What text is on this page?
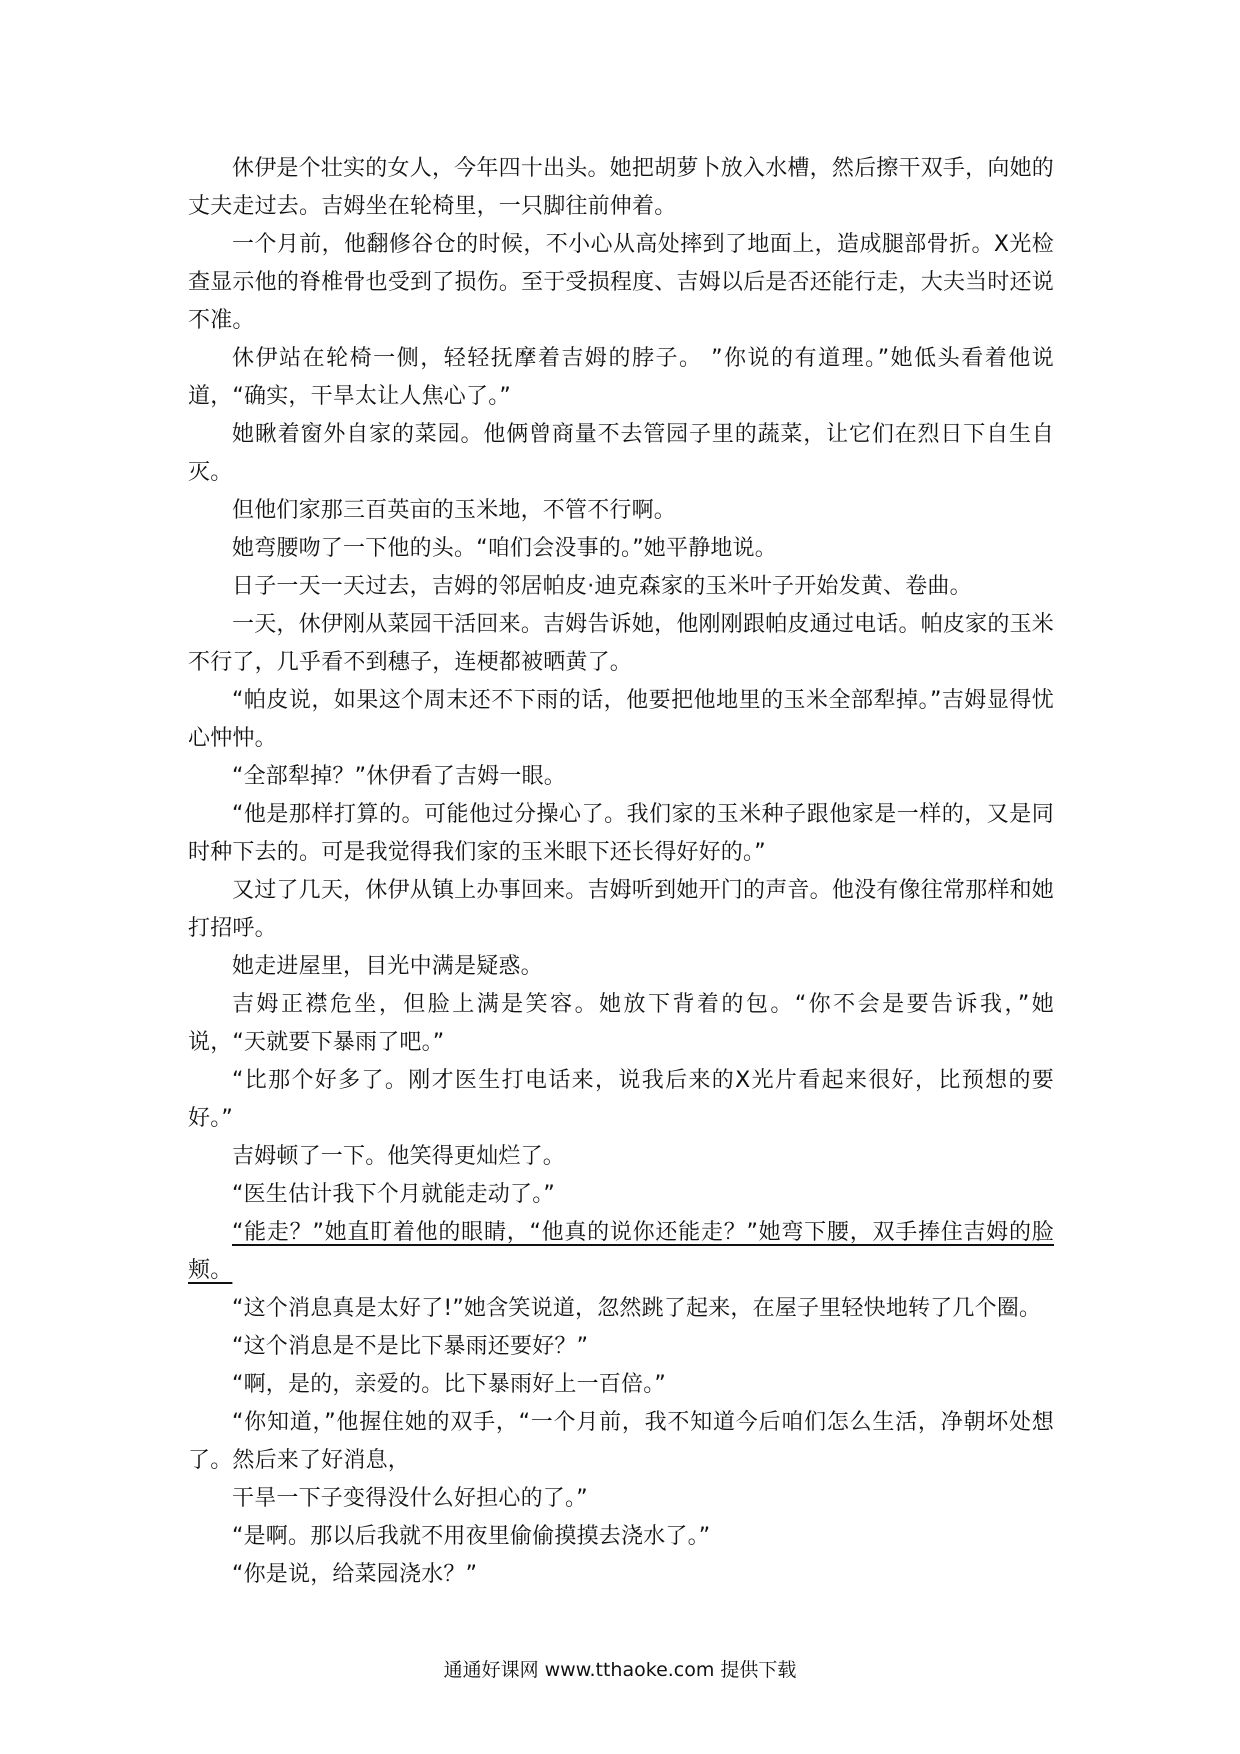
休伊是个壮实的女人，今年四十出头。她把胡萝卜放入水槽，然后擦干双手，向她的丈夫走过去。吉姆坐在轮椅里，一只脚往前伸着。

一个月前，他翻修谷仓的时候，不小心从高处摔到了地面上，造成腿部骨折。X光检查显示他的脊椎骨也受到了损伤。至于受损程度、吉姆以后是否还能行走，大夫当时还说不准。

休伊站在轮椅一侧，轻轻抚摩着吉姆的脖子。 ”你说的有道理。”她低头看着他说道，“确实，干旱太让人焦心了。”

她瞅着窗外自家的菜园。他俩曾商量不去管园子里的蔬菜，让它们在烈日下自生自灭。

但他们家那三百英亩的玉米地，不管不行啊。

她弯腰吻了一下他的头。“咱们会没事的。”她平静地说。

日子一天一天过去，吉姆的邻居帕皮·迪克森家的玉米叶子开始发黄、卷曲。

一天，休伊刚从菜园干活回来。吉姆告诉她，他刚刚跟帕皮通过电话。帕皮家的玉米不行了，几乎看不到穗子，连梗都被晒黄了。

“帕皮说，如果这个周末还不下雨的话，他要把他地里的玉米全部犁掉。”吉姆显得忧心忡忡。

“全部犁掉？”休伊看了吉姆一眼。

“他是那样打算的。可能他过分操心了。我们家的玉米种子跟他家是一样的，又是同时种下去的。可是我觉得我们家的玉米眼下还长得好好的。”

又过了几天，休伊从镇上办事回来。吉姆听到她开门的声音。他没有像往常那样和她打招呼。

她走进屋里，目光中满是疑惑。

吉姆正襟危坐，但脸上满是笑容。她放下背着的包。“你不会是要告诉我，”她说，“天就要下暴雨了吧。”

“比那个好多了。刚才医生打电话来，说我后来的X光片看起来很好，比预想的要好。”

吉姆顿了一下。他笑得更灿烂了。

“医生估计我下个月就能走动了。”

“能走？”她直盯着他的眼睛，“他真的说你还能走？”她弯下腰，双手捧住吉姆的脸颊。

“这个消息真是太好了!”她含笑说道，忽然跳了起来，在屋子里轻快地转了几个圈。

“这个消息是不是比下暴雨还要好？”

“啊，是的，亲爱的。比下暴雨好上一百倍。”

“你知道，”他握住她的双手，“一个月前，我不知道今后咱们怎么生活，净朝坏处想了。然后来了好消息，

干旱一下子变得没什么好担心的了。”

“是啊。那以后我就不用夜里偷偷摸摸去浇水了。”

“你是说，给菜园浇水？”

通通好课网 www.tthaoke.com 提供下载
